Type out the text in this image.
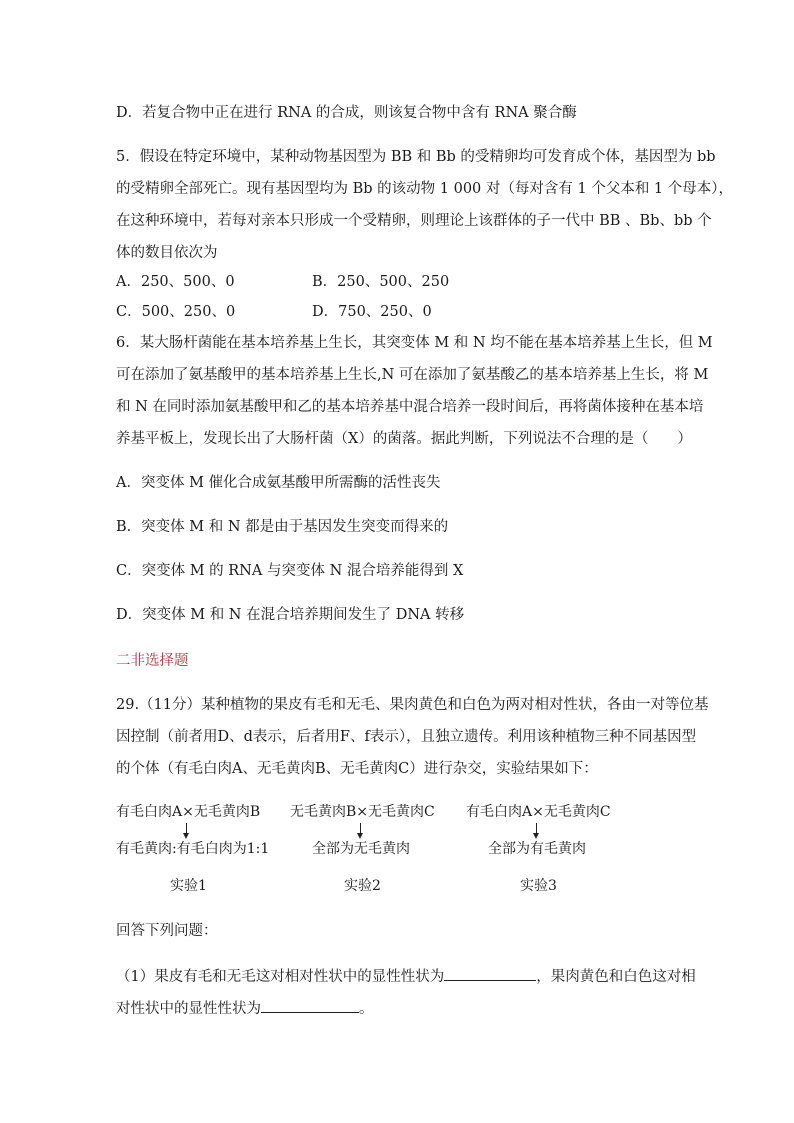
D．若复合物中正在进行 RNA 的合成，则该复合物中含有 RNA 聚合酶
5．假设在特定环境中，某种动物基因型为 BB 和 Bb 的受精卵均可发育成个体，基因型为 bb
的受精卵全部死亡。现有基因型均为 Bb 的该动物 1 000 对（每对含有 1 个父本和 1 个母本），
在这种环境中，若每对亲本只形成一个受精卵，则理论上该群体的子一代中 BB 、Bb、bb 个
体的数目依次为
A．250、500、0	B．250、500、250
C．500、250、0	D．750、250、0
6．某大肠杆菌能在基本培养基上生长，其突变体 M 和 N 均不能在基本培养基上生长，但 M
可在添加了氨基酸甲的基本培养基上生长,N 可在添加了氨基酸乙的基本培养基上生长，将 M
和 N 在同时添加氨基酸甲和乙的基本培养基中混合培养一段时间后，再将菌体接种在基本培
养基平板上，发现长出了大肠杆菌（X）的菌落。据此判断，下列说法不合理的是（　　）
A．突变体 M 催化合成氨基酸甲所需酶的活性丧失
B．突变体 M 和 N 都是由于基因发生突变而得来的
C．突变体 M 的 RNA 与突变体 N 混合培养能得到 X
D．突变体 M 和 N 在混合培养期间发生了 DNA 转移
二非选择题
29.（11分）某种植物的果皮有毛和无毛、果肉黄色和白色为两对相对性状，各由一对等位基
因控制（前者用D、d表示，后者用F、f表示），且独立遗传。利用该种植物三种不同基因型
的个体（有毛白肉A、无毛黄肉B、无毛黄肉C）进行杂交，实验结果如下：
有毛白肉A×无毛黄肉B
有毛黄肉:有毛白肉为1:1
实验1
无毛黄肉B×无毛黄肉C
全部为无毛黄肉
实验2
有毛白肉A×无毛黄肉C
全部为有毛黄肉
实验3
回答下列问题：
（1）果皮有毛和无毛这对相对性状中的显性性状为	，果肉黄色和白色这对相
对性状中的显性性状为	。
